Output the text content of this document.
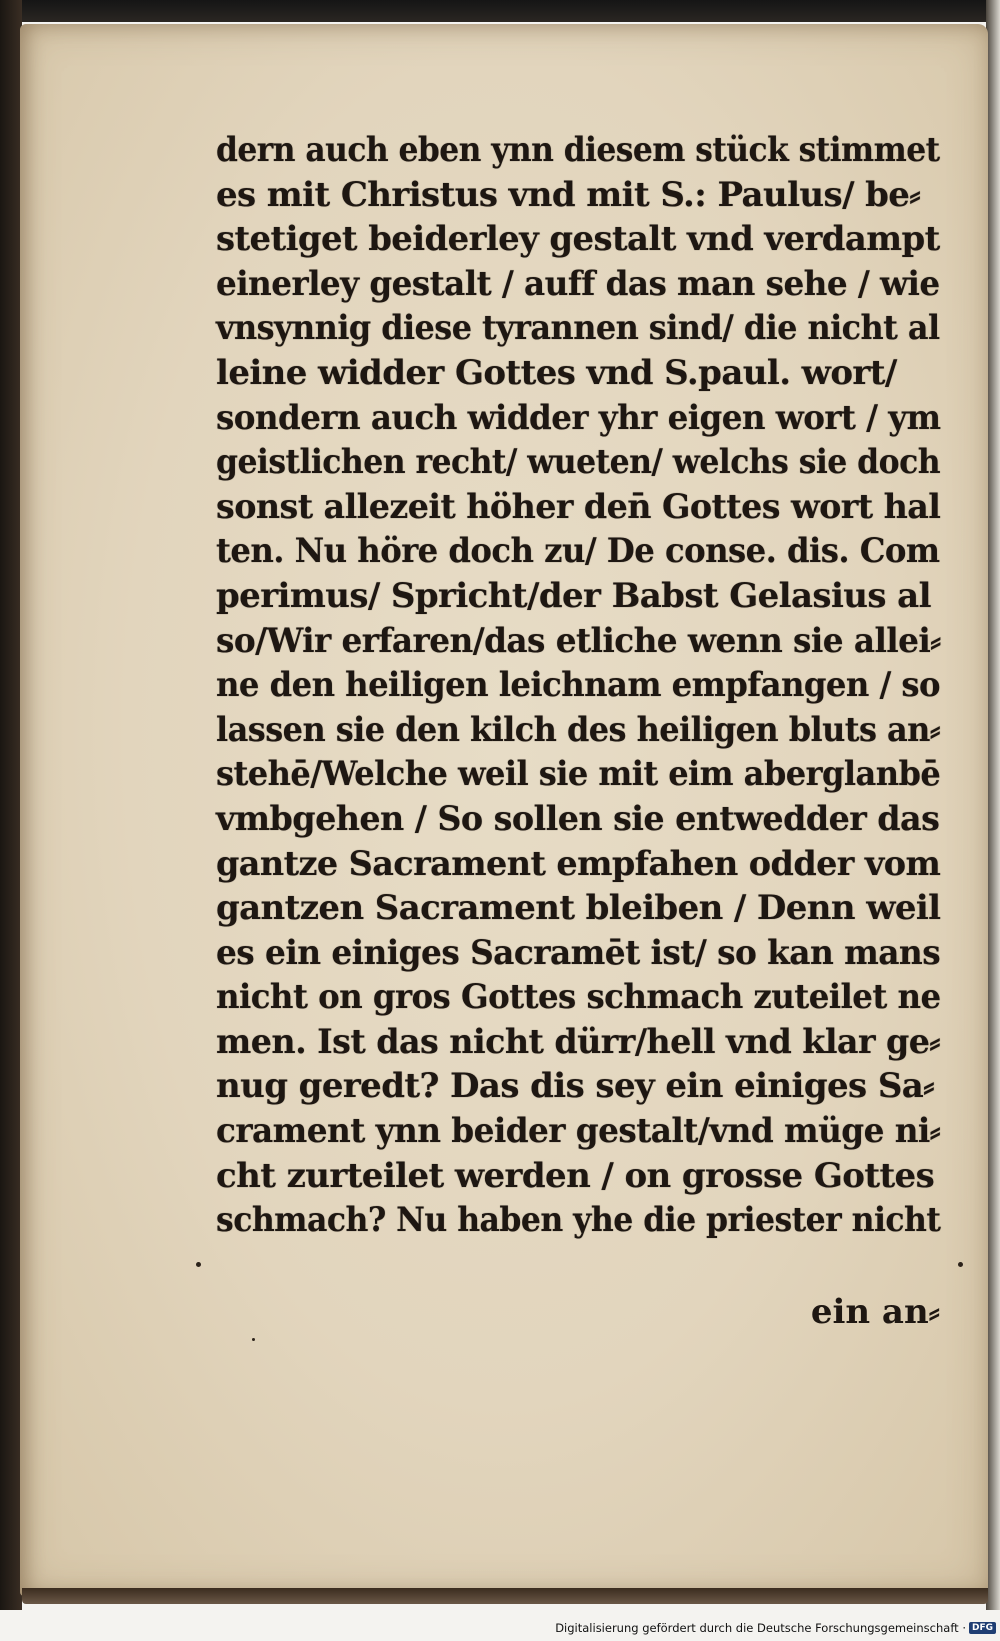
dern auch eben ynn diesem stück stimmet
es mit Christus vnd mit S.: Paulus/ be⸗
stetiget beiderley gestalt vnd verdampt
einerley gestalt / auff das man sehe / wie
vnsynnig diese tyrannen sind/ die nicht al
leine widder Gottes vnd S.paul. wort/
sondern auch widder yhr eigen wort / ym
geistlichen recht/ wueten/ welchs sie doch
sonst allezeit höher den̄ Gottes wort hal
ten. Nu höre doch zu/ De conse. dis. Com
perimus/ Spricht/der Babst Gelasius al
so/Wir erfaren/das etliche wenn sie allei⸗
ne den heiligen leichnam empfangen / so
lassen sie den kilch des heiligen bluts an⸗
stehē/Welche weil sie mit eim aberglanbē
vmbgehen / So sollen sie entwedder das
gantze Sacrament empfahen odder vom
gantzen Sacrament bleiben / Denn weil
es ein einiges Sacramēt ist/ so kan mans
nicht on gros Gottes schmach zuteilet ne
men. Ist das nicht dürr/hell vnd klar ge⸗
nug geredt? Das dis sey ein einiges Sa⸗
crament ynn beider gestalt/vnd müge ni⸗
cht zurteilet werden / on grosse Gottes
schmach? Nu haben yhe die priester nicht
ein an⸗
Digitalisierung gefördert durch die Deutsche Forschungsgemeinschaft · DFG
